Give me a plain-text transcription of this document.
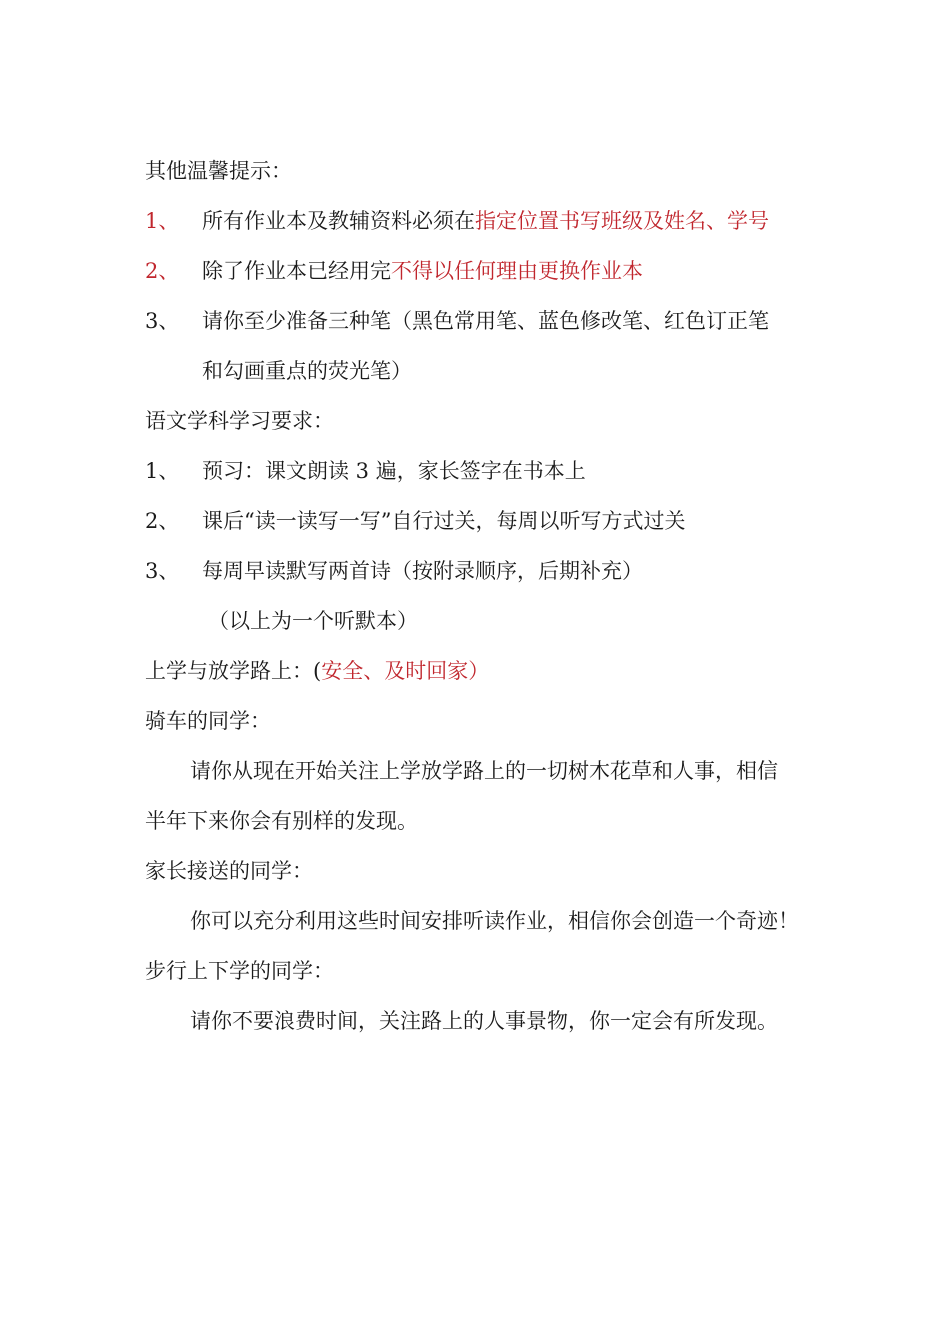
其他温馨提示：
1、 所有作业本及教辅资料必须在指定位置书写班级及姓名、学号
2、 除了作业本已经用完不得以任何理由更换作业本
3、 请你至少准备三种笔（黑色常用笔、蓝色修改笔、红色订正笔
和勾画重点的荧光笔）
语文学科学习要求：
1、 预习：课文朗读 3 遍，家长签字在书本上
2、 课后“读一读写一写”自行过关，每周以听写方式过关
3、 每周早读默写两首诗（按附录顺序，后期补充）
（以上为一个听默本）
上学与放学路上：(安全、及时回家）
骑车的同学：
请你从现在开始关注上学放学路上的一切树木花草和人事，相信
半年下来你会有别样的发现。
家长接送的同学：
你可以充分利用这些时间安排听读作业，相信你会创造一个奇迹！
步行上下学的同学：
请你不要浪费时间，关注路上的人事景物，你一定会有所发现。
